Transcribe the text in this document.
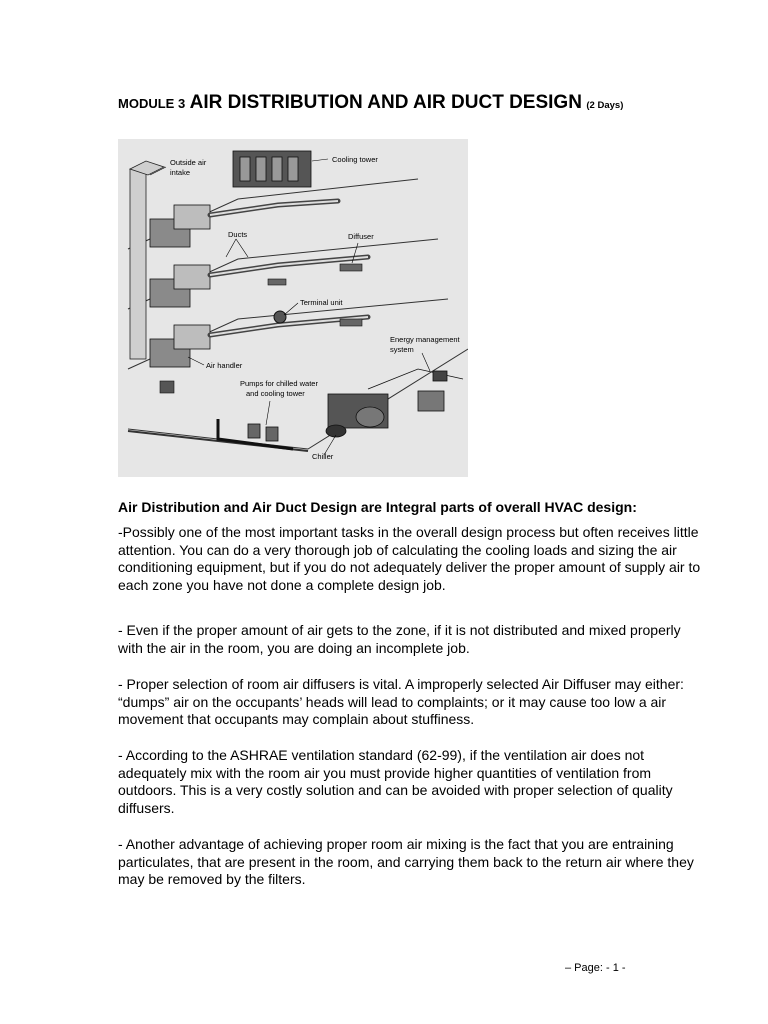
MODULE 3 AIR DISTRIBUTION AND AIR DUCT DESIGN (2 Days)
Outside air
intake
Cooling tower
Ducts	Diffuser
Terminal unit
Energy management
system
Air handler
Pumps for chilled water
and cooling tower
Chiller

Air Distribution and Air Duct Design are Integral parts of overall HVAC design:

-Possibly one of the most important tasks in the overall design process but often receives little attention. You can do a very thorough job of calculating the cooling loads and sizing the air conditioning equipment, but if you do not adequately deliver the proper amount of supply air to each zone you have not done a complete design job.

- Even if the proper amount of air gets to the zone, if it is not distributed and mixed properly with the air in the room, you are doing an incomplete job.

- Proper selection of room air diffusers is vital. A improperly selected Air Diffuser may either: “dumps” air on the occupants’ heads will lead to complaints; or it may cause too low a air movement that occupants may complain about stuffiness.

- According to the ASHRAE ventilation standard (62-99), if the ventilation air does not adequately mix with the room air you must provide higher quantities of ventilation from outdoors. This is a very costly solution and can be avoided with proper selection of quality diffusers.

- Another advantage of achieving proper room air mixing is the fact that you are entraining particulates, that are present in the room, and carrying them back to the return air where they may be removed by the filters.

– Page: - 1 -
